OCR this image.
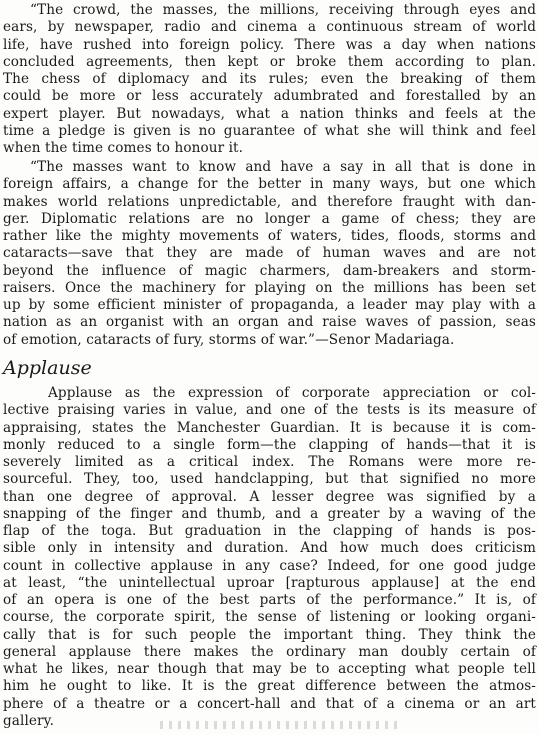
“The crowd, the masses, the millions, receiving through eyes and
ears, by newspaper, radio and cinema a continuous stream of world
life, have rushed into foreign policy. There was a day when nations
concluded agreements, then kept or broke them according to plan.
The chess of diplomacy and its rules; even the breaking of them
could be more or less accurately adumbrated and forestalled by an
expert player. But nowadays, what a nation thinks and feels at the
time a pledge is given is no guarantee of what she will think and feel
when the time comes to honour it.
“The masses want to know and have a say in all that is done in
foreign affairs, a change for the better in many ways, but one which
makes world relations unpredictable, and therefore fraught with dan-
ger. Diplomatic relations are no longer a game of chess; they are
rather like the mighty movements of waters, tides, floods, storms and
cataracts—save that they are made of human waves and are not
beyond the influence of magic charmers, dam-breakers and storm-
raisers. Once the machinery for playing on the millions has been set
up by some efficient minister of propaganda, a leader may play with a
nation as an organist with an organ and raise waves of passion, seas
of emotion, cataracts of fury, storms of war.”—Senor Madariaga.
Applause
Applause as the expression of corporate appreciation or col-
lective praising varies in value, and one of the tests is its measure of
appraising, states the Manchester Guardian. It is because it is com-
monly reduced to a single form—the clapping of hands—that it is
severely limited as a critical index. The Romans were more re-
sourceful. They, too, used handclapping, but that signified no more
than one degree of approval. A lesser degree was signified by a
snapping of the finger and thumb, and a greater by a waving of the
flap of the toga. But graduation in the clapping of hands is pos-
sible only in intensity and duration. And how much does criticism
count in collective applause in any case? Indeed, for one good judge
at least, “the unintellectual uproar [rapturous applause] at the end
of an opera is one of the best parts of the performance.” It is, of
course, the corporate spirit, the sense of listening or looking organi-
cally that is for such people the important thing. They think the
general applause there makes the ordinary man doubly certain of
what he likes, near though that may be to accepting what people tell
him he ought to like. It is the great difference between the atmos-
phere of a theatre or a concert-hall and that of a cinema or an art
gallery.
